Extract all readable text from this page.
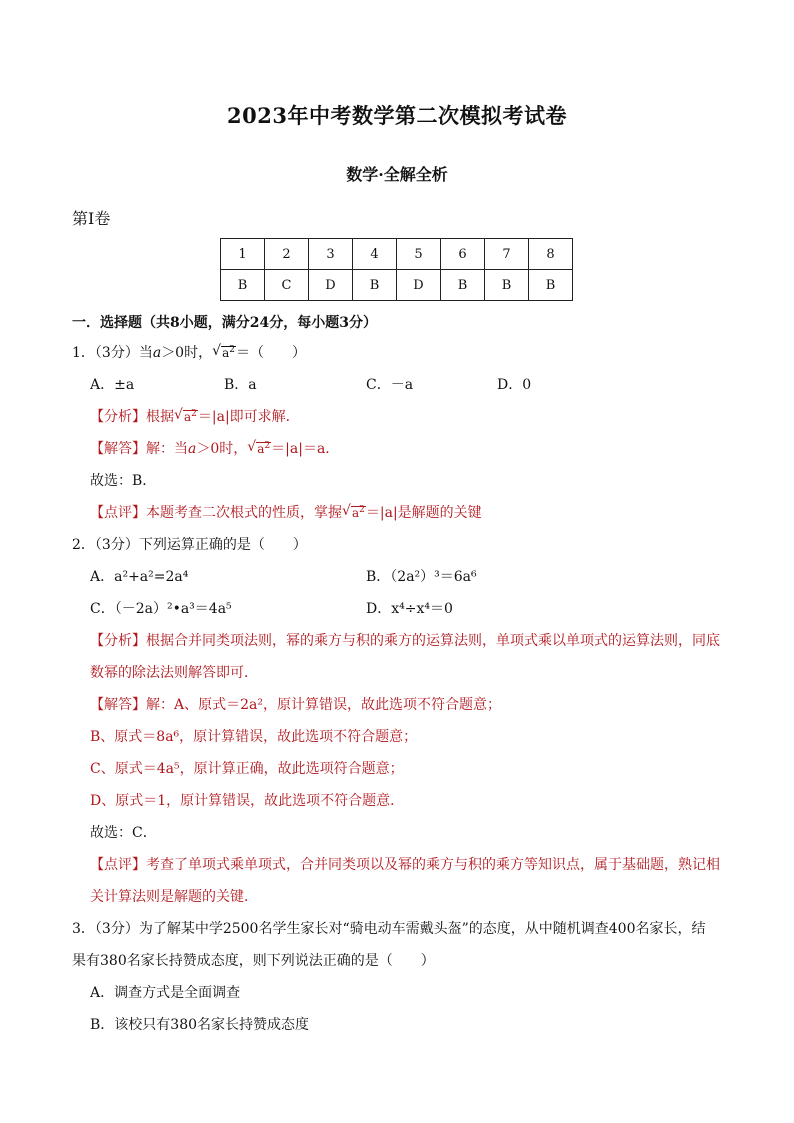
2023年中考数学第二次模拟考试卷
数学·全解全析
第Ⅰ卷
1	2	3	4	5	6	7	8
B	C	D	B	D	B	B	B
一．选择题（共8小题，满分24分，每小题3分）
1．（3分）当a＞0时， √ $a^2=$（　　）
A．±a	B．a	C．－a	D．0
【分析】根据 √ $a^2=|a|$即可求解．
【解答】解：当a＞0时， √ $a^2=|a|=a$．
故选：B．
【点评】本题考查二次根式的性质，掌握 √ $a^2=|a|$是解题的关键
2．（3分）下列运算正确的是（　　）
A．a²+a²=2a⁴	B．（2a²）³＝6a⁶
C．（－2a）²•a³＝4a⁵	D．x⁴÷x⁴＝0
【分析】根据合并同类项法则，幂的乘方与积的乘方的运算法则，单项式乘以单项式的运算法则，同底
数幂的除法法则解答即可．
【解答】解：A、原式＝2a²，原计算错误，故此选项不符合题意；
B、原式＝8a⁶，原计算错误，故此选项不符合题意；
C、原式＝4a⁵，原计算正确，故此选项符合题意；
D、原式＝1，原计算错误，故此选项不符合题意．
故选：C．
【点评】考查了单项式乘单项式，合并同类项以及幂的乘方与积的乘方等知识点，属于基础题，熟记相
关计算法则是解题的关键．
3．（3分）为了解某中学2500名学生家长对“骑电动车需戴头盔”的态度，从中随机调查400名家长，结
果有380名家长持赞成态度，则下列说法正确的是（　　）
A．调查方式是全面调查
B．该校只有380名家长持赞成态度
